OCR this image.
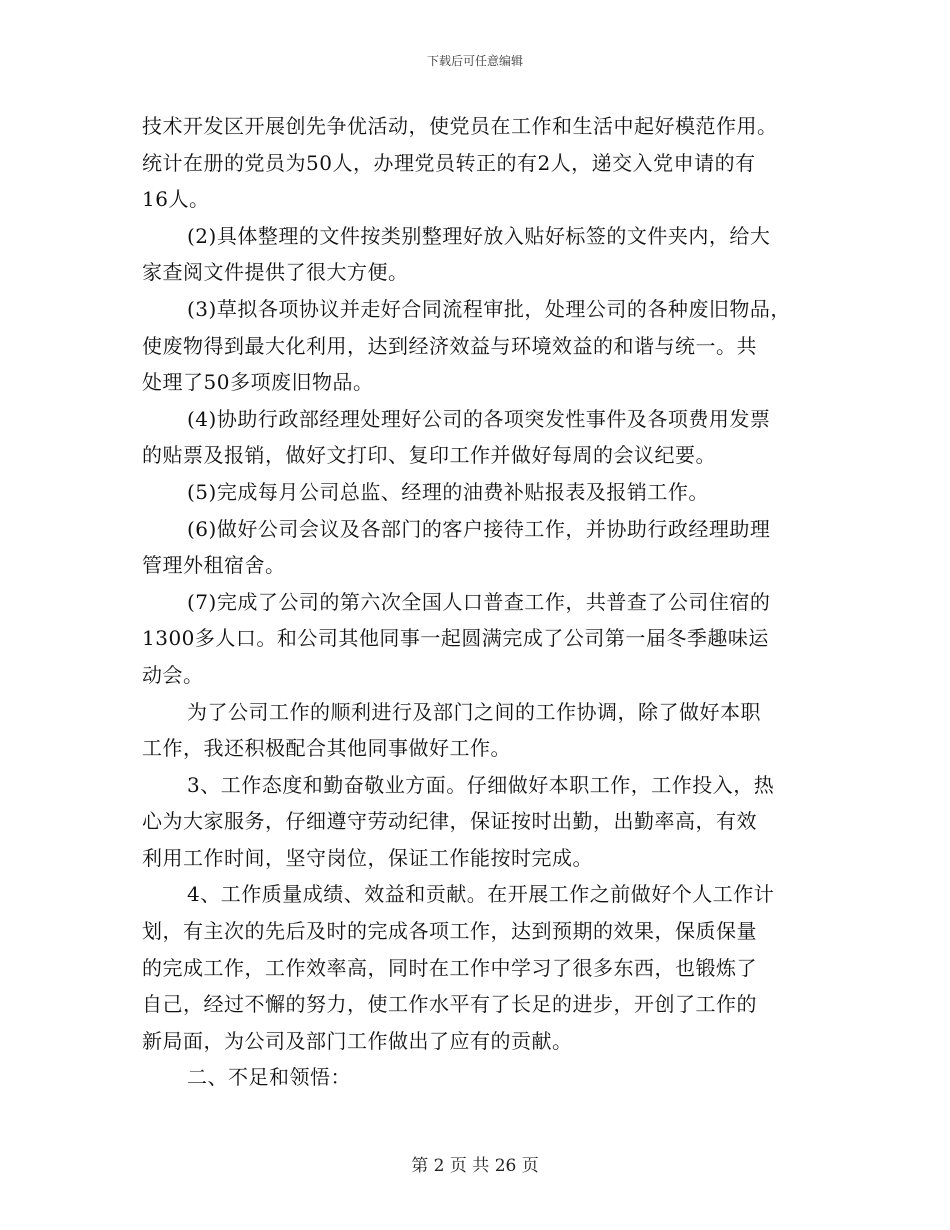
下载后可任意编辑
技术开发区开展创先争优活动，使党员在工作和生活中起好模范作用。
统计在册的党员为50人，办理党员转正的有2人，递交入党申请的有
16人。
(2)具体整理的文件按类别整理好放入贴好标签的文件夹内，给大
家查阅文件提供了很大方便。
(3)草拟各项协议并走好合同流程审批，处理公司的各种废旧物品，
使废物得到最大化利用，达到经济效益与环境效益的和谐与统一。共
处理了50多项废旧物品。
(4)协助行政部经理处理好公司的各项突发性事件及各项费用发票
的贴票及报销，做好文打印、复印工作并做好每周的会议纪要。
(5)完成每月公司总监、经理的油费补贴报表及报销工作。
(6)做好公司会议及各部门的客户接待工作，并协助行政经理助理
管理外租宿舍。
(7)完成了公司的第六次全国人口普查工作，共普查了公司住宿的
1300多人口。和公司其他同事一起圆满完成了公司第一届冬季趣味运
动会。
为了公司工作的顺利进行及部门之间的工作协调，除了做好本职
工作，我还积极配合其他同事做好工作。
3、工作态度和勤奋敬业方面。仔细做好本职工作，工作投入，热
心为大家服务，仔细遵守劳动纪律，保证按时出勤，出勤率高，有效
利用工作时间，坚守岗位，保证工作能按时完成。
4、工作质量成绩、效益和贡献。在开展工作之前做好个人工作计
划，有主次的先后及时的完成各项工作，达到预期的效果，保质保量
的完成工作，工作效率高，同时在工作中学习了很多东西，也锻炼了
自己，经过不懈的努力，使工作水平有了长足的进步，开创了工作的
新局面，为公司及部门工作做出了应有的贡献。
二、不足和领悟：
第 2 页 共 26 页
